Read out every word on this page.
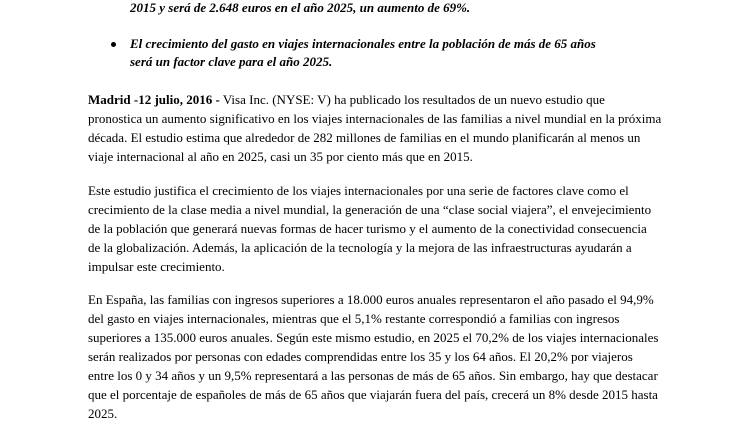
2015 y será de 2.648 euros en el año 2025, un aumento de 69%.
El crecimiento del gasto en viajes internacionales entre la población de más de 65 años
será un factor clave para el año 2025.
Madrid -12 julio, 2016 - Visa Inc. (NYSE: V) ha publicado los resultados de un nuevo estudio que
pronostica un aumento significativo en los viajes internacionales de las familias a nivel mundial en la próxima
década. El estudio estima que alrededor de 282 millones de familias en el mundo planificarán al menos un
viaje internacional al año en 2025, casi un 35 por ciento más que en 2015.
Este estudio justifica el crecimiento de los viajes internacionales por una serie de factores clave como el
crecimiento de la clase media a nivel mundial, la generación de una “clase social viajera”, el envejecimiento
de la población que generará nuevas formas de hacer turismo y el aumento de la conectividad consecuencia
de la globalización. Además, la aplicación de la tecnología y la mejora de las infraestructuras ayudarán a
impulsar este crecimiento.
En España, las familias con ingresos superiores a 18.000 euros anuales representaron el año pasado el 94,9%
del gasto en viajes internacionales, mientras que el 5,1% restante correspondió a familias con ingresos
superiores a 135.000 euros anuales. Según este mismo estudio, en 2025 el 70,2% de los viajes internacionales
serán realizados por personas con edades comprendidas entre los 35 y los 64 años. El 20,2% por viajeros
entre los 0 y 34 años y un 9,5% representará a las personas de más de 65 años. Sin embargo, hay que destacar
que el porcentaje de españoles de más de 65 años que viajarán fuera del país, crecerá un 8% desde 2015 hasta
2025.
